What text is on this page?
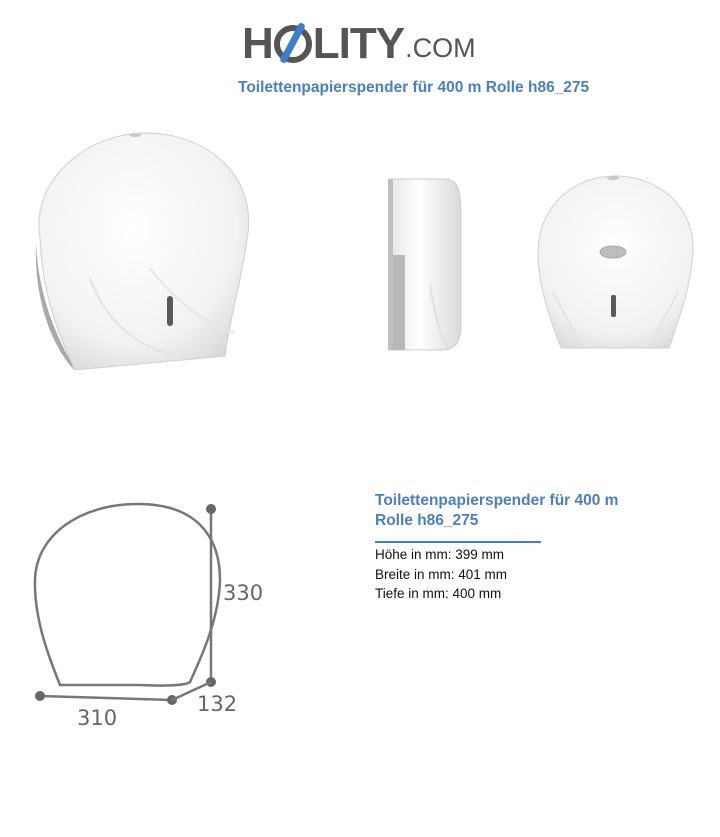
H LITY .COM
Toilettenpapierspender für 400 m Rolle h86_275
330
310
132
Toilettenpapierspender für 400 m Rolle h86_275
Höhe in mm: 399 mm
Breite in mm: 401 mm
Tiefe in mm: 400 mm
